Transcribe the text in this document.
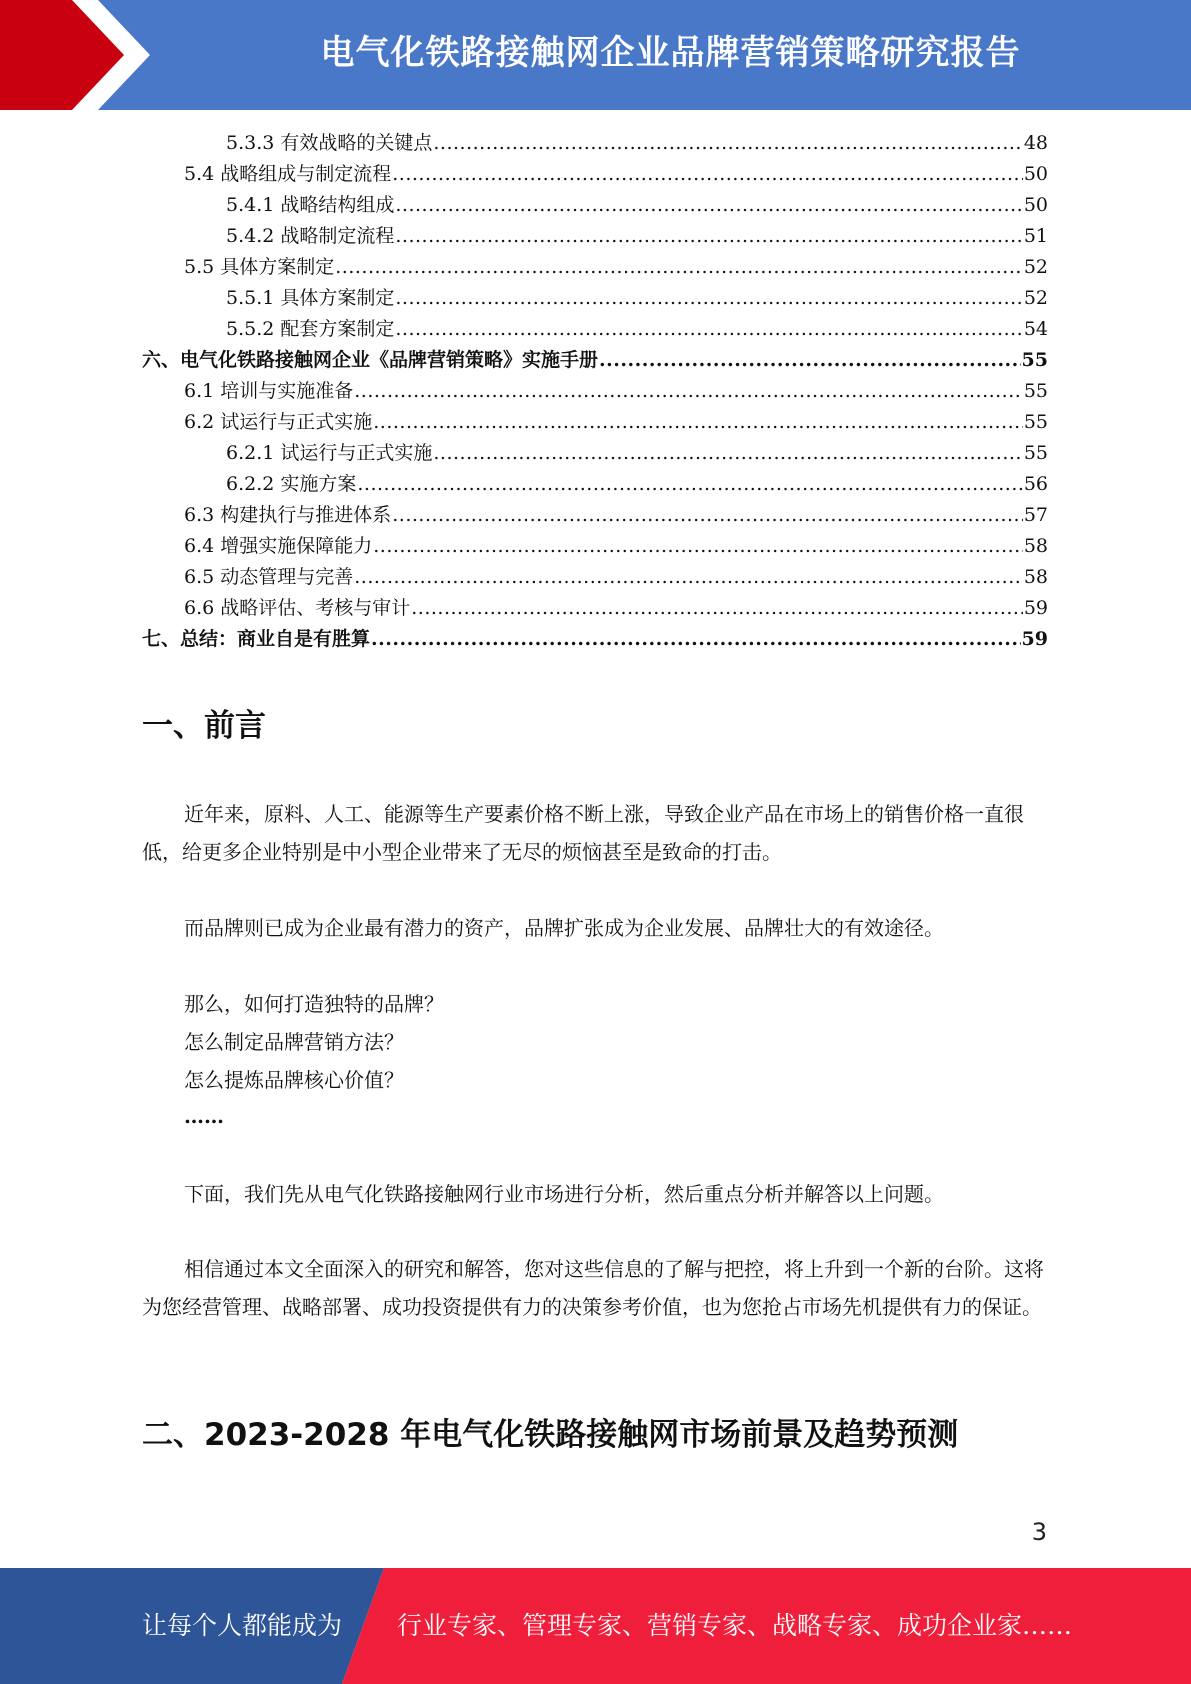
电气化铁路接触网企业品牌营销策略研究报告
5.3.3 有效战略的关键点 .....	48
5.4 战略组成与制定流程 .....	50
5.4.1 战略结构组成 .....	50
5.4.2 战略制定流程 .....	51
5.5 具体方案制定 .....	52
5.5.1 具体方案制定 .....	52
5.5.2 配套方案制定 .....	54
六、电气化铁路接触网企业《品牌营销策略》实施手册 .....	55
6.1 培训与实施准备 .....	55
6.2 试运行与正式实施 .....	55
6.2.1 试运行与正式实施 .....	55
6.2.2 实施方案 .....	56
6.3 构建执行与推进体系 .....	57
6.4 增强实施保障能力 .....	58
6.5 动态管理与完善 .....	58
6.6 战略评估、考核与审计 .....	59
七、总结：商业自是有胜算 .....	59
一、前言

近年来，原料、人工、能源等生产要素价格不断上涨，导致企业产品在市场上的销售价格一直很低，给更多企业特别是中小型企业带来了无尽的烦恼甚至是致命的打击。

而品牌则已成为企业最有潜力的资产，品牌扩张成为企业发展、品牌壮大的有效途径。

那么，如何打造独特的品牌？
怎么制定品牌营销方法？
怎么提炼品牌核心价值？
……

下面，我们先从电气化铁路接触网行业市场进行分析，然后重点分析并解答以上问题。

相信通过本文全面深入的研究和解答，您对这些信息的了解与把控，将上升到一个新的台阶。这将为您经营管理、战略部署、成功投资提供有力的决策参考价值，也为您抢占市场先机提供有力的保证。

二、2023-2028 年电气化铁路接触网市场前景及趋势预测
3
让每个人都能成为 行业专家、管理专家、营销专家、战略专家、成功企业家……
